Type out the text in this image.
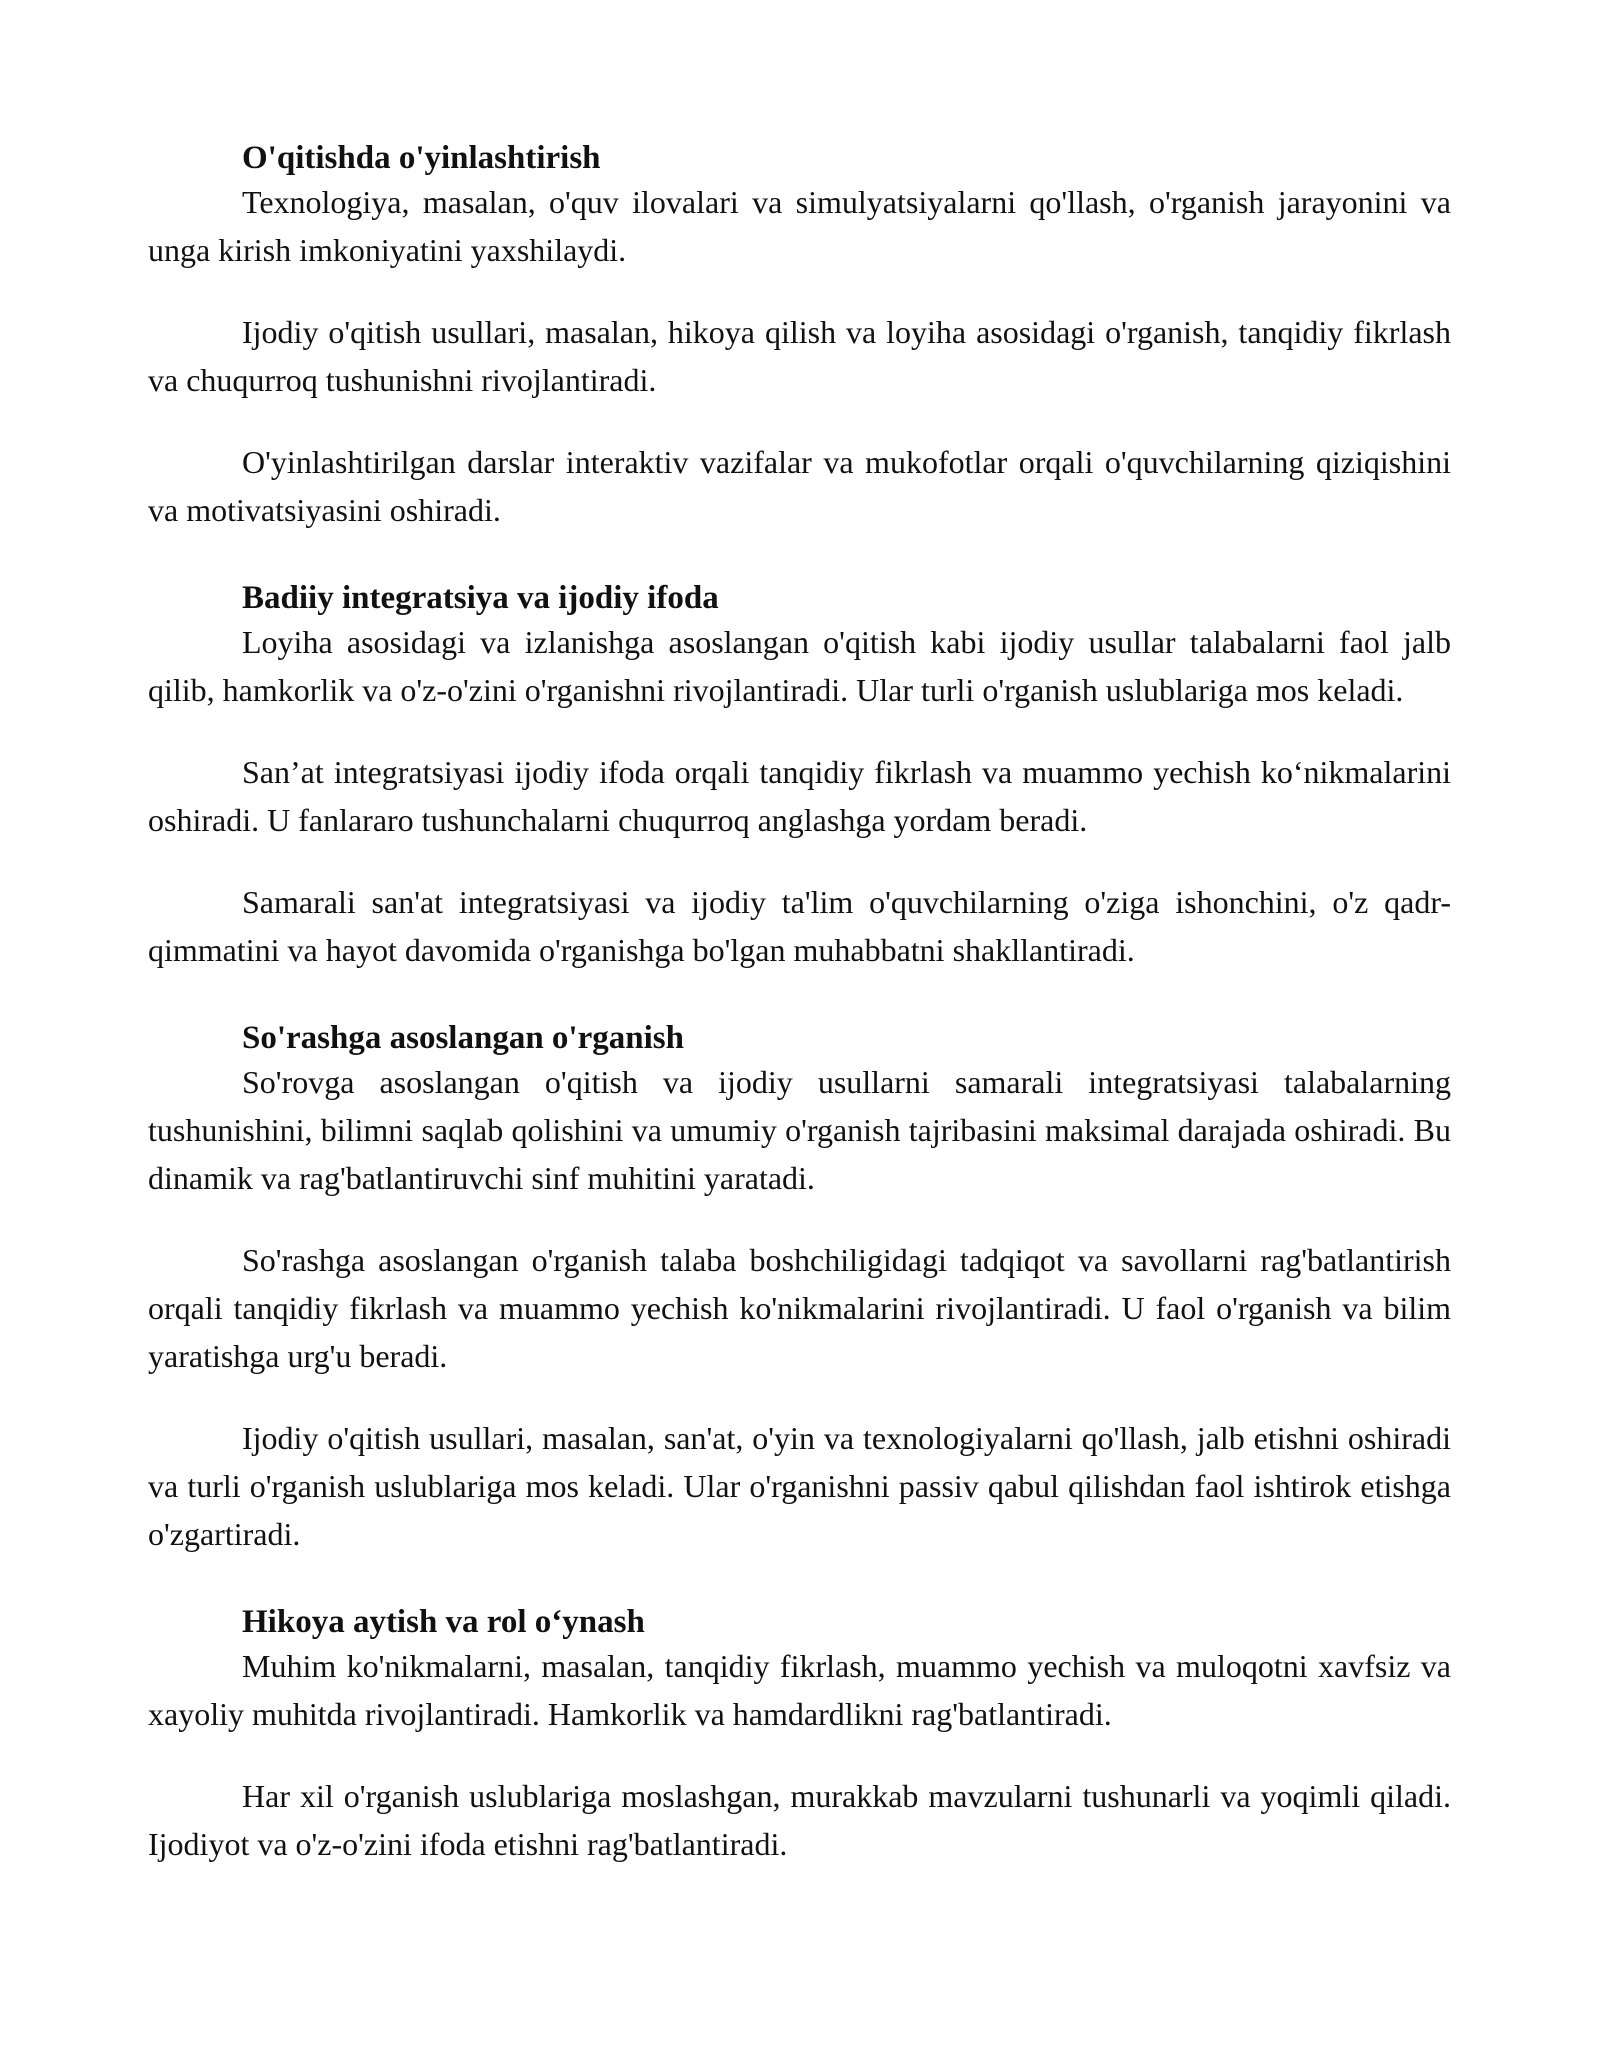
O'qitishda o'yinlashtirish

Texnologiya, masalan, o'quv ilovalari va simulyatsiyalarni qo'llash, o'rganish jarayonini va unga kirish imkoniyatini yaxshilaydi.

Ijodiy o'qitish usullari, masalan, hikoya qilish va loyiha asosidagi o'rganish, tanqidiy fikrlash va chuqurroq tushunishni rivojlantiradi.

O'yinlashtirilgan darslar interaktiv vazifalar va mukofotlar orqali o'quvchilarning qiziqishini va motivatsiyasini oshiradi.

Badiiy integratsiya va ijodiy ifoda

Loyiha asosidagi va izlanishga asoslangan o'qitish kabi ijodiy usullar talabalarni faol jalb qilib, hamkorlik va o'z-o'zini o'rganishni rivojlantiradi. Ular turli o'rganish uslublariga mos keladi.

San’at integratsiyasi ijodiy ifoda orqali tanqidiy fikrlash va muammo yechish ko‘nikmalarini oshiradi. U fanlararo tushunchalarni chuqurroq anglashga yordam beradi.

Samarali san'at integratsiyasi va ijodiy ta'lim o'quvchilarning o'ziga ishonchini, o'z qadr-qimmatini va hayot davomida o'rganishga bo'lgan muhabbatni shakllantiradi.

So'rashga asoslangan o'rganish

So'rovga asoslangan o'qitish va ijodiy usullarni samarali integratsiyasi talabalarning tushunishini, bilimni saqlab qolishini va umumiy o'rganish tajribasini maksimal darajada oshiradi. Bu dinamik va rag'batlantiruvchi sinf muhitini yaratadi.

So'rashga asoslangan o'rganish talaba boshchiligidagi tadqiqot va savollarni rag'batlantirish orqali tanqidiy fikrlash va muammo yechish ko'nikmalarini rivojlantiradi. U faol o'rganish va bilim yaratishga urg'u beradi.

Ijodiy o'qitish usullari, masalan, san'at, o'yin va texnologiyalarni qo'llash, jalb etishni oshiradi va turli o'rganish uslublariga mos keladi. Ular o'rganishni passiv qabul qilishdan faol ishtirok etishga o'zgartiradi.

Hikoya aytish va rol o‘ynash

Muhim ko'nikmalarni, masalan, tanqidiy fikrlash, muammo yechish va muloqotni xavfsiz va xayoliy muhitda rivojlantiradi. Hamkorlik va hamdardlikni rag'batlantiradi.

Har xil o'rganish uslublariga moslashgan, murakkab mavzularni tushunarli va yoqimli qiladi. Ijodiyot va o'z-o'zini ifoda etishni rag'batlantiradi.
